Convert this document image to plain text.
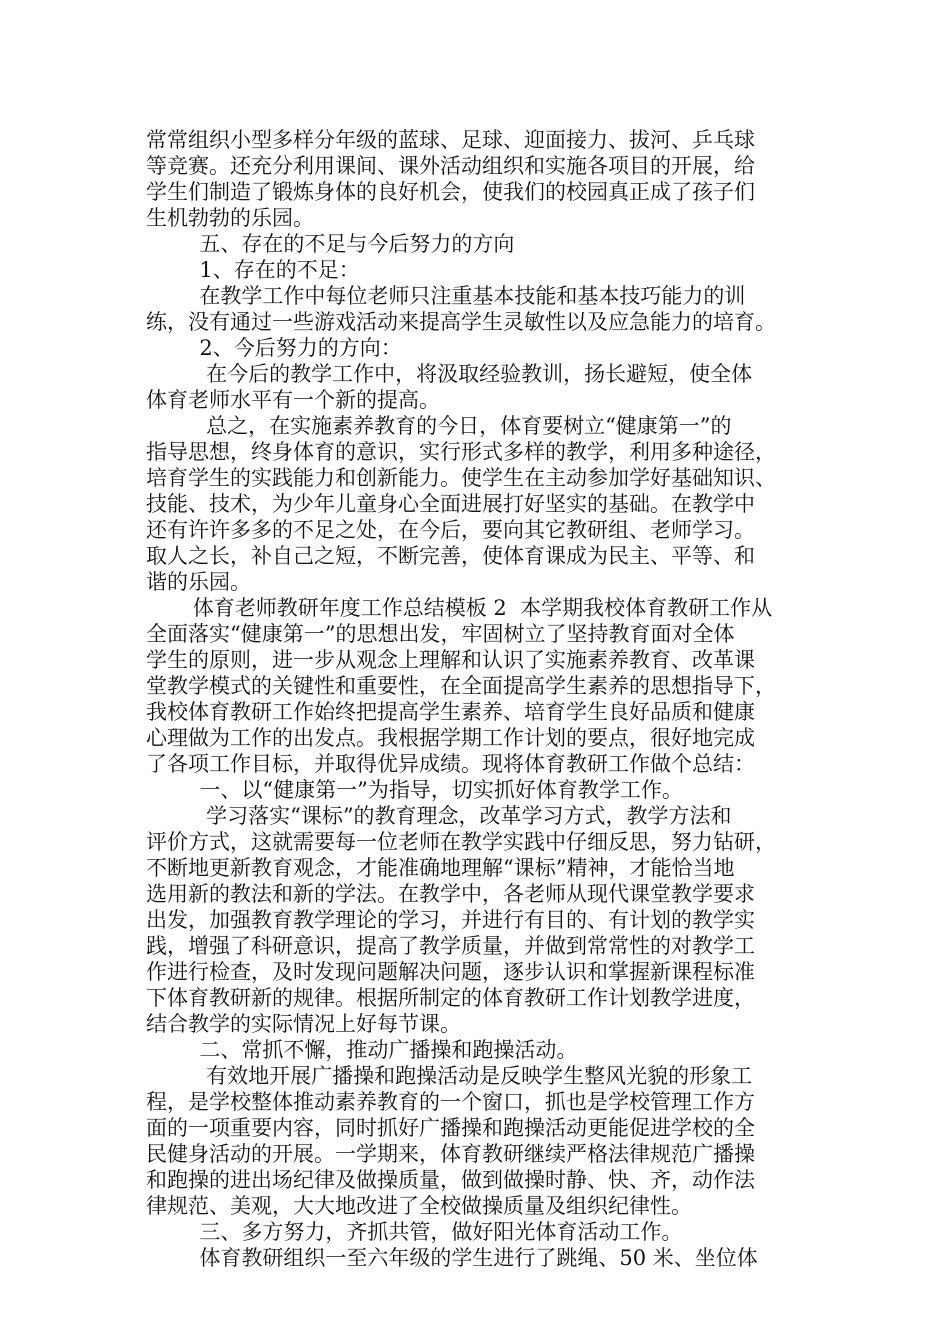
常常组织小型多样分年级的蓝球、足球、迎面接力、拔河、乒乓球
等竞赛。还充分利用课间、课外活动组织和实施各项目的开展，给
学生们制造了锻炼身体的良好机会，使我们的校园真正成了孩子们
生机勃勃的乐园。
五、存在的不足与今后努力的方向
1、存在的不足：
在教学工作中每位老师只注重基本技能和基本技巧能力的训
练，没有通过一些游戏活动来提高学生灵敏性以及应急能力的培育。
2、今后努力的方向：
在今后的教学工作中，将汲取经验教训，扬长避短，使全体
体育老师水平有一个新的提高。
总之，在实施素养教育的今日，体育要树立“健康第一”的
指导思想，终身体育的意识，实行形式多样的教学，利用多种途径，
培育学生的实践能力和创新能力。使学生在主动参加学好基础知识、
技能、技术，为少年儿童身心全面进展打好坚实的基础。在教学中
还有许许多多的不足之处，在今后，要向其它教研组、老师学习。
取人之长，补自己之短，不断完善，使体育课成为民主、平等、和
谐的乐园。
体育老师教研年度工作总结模板 2  本学期我校体育教研工作从
全面落实“健康第一”的思想出发，牢固树立了坚持教育面对全体
学生的原则，进一步从观念上理解和认识了实施素养教育、改革课
堂教学模式的关键性和重要性，在全面提高学生素养的思想指导下，
我校体育教研工作始终把提高学生素养、培育学生良好品质和健康
心理做为工作的出发点。我根据学期工作计划的要点，很好地完成
了各项工作目标，并取得优异成绩。现将体育教研工作做个总结：
一、以“健康第一”为指导，切实抓好体育教学工作。
学习落实“课标”的教育理念，改革学习方式，教学方法和
评价方式，这就需要每一位老师在教学实践中仔细反思，努力钻研，
不断地更新教育观念，才能准确地理解“课标”精神，才能恰当地
选用新的教法和新的学法。在教学中，各老师从现代课堂教学要求
出发，加强教育教学理论的学习，并进行有目的、有计划的教学实
践，增强了科研意识，提高了教学质量，并做到常常性的对教学工
作进行检查，及时发现问题解决问题，逐步认识和掌握新课程标准
下体育教研新的规律。根据所制定的体育教研工作计划教学进度，
结合教学的实际情况上好每节课。
二、常抓不懈，推动广播操和跑操活动。
有效地开展广播操和跑操活动是反映学生整风光貌的形象工
程，是学校整体推动素养教育的一个窗口，抓也是学校管理工作方
面的一项重要内容，同时抓好广播操和跑操活动更能促进学校的全
民健身活动的开展。一学期来，体育教研继续严格法律规范广播操
和跑操的进出场纪律及做操质量，做到做操时静、快、齐，动作法
律规范、美观，大大地改进了全校做操质量及组织纪律性。
三、多方努力，齐抓共管，做好阳光体育活动工作。
体育教研组织一至六年级的学生进行了跳绳、50 米、坐位体
